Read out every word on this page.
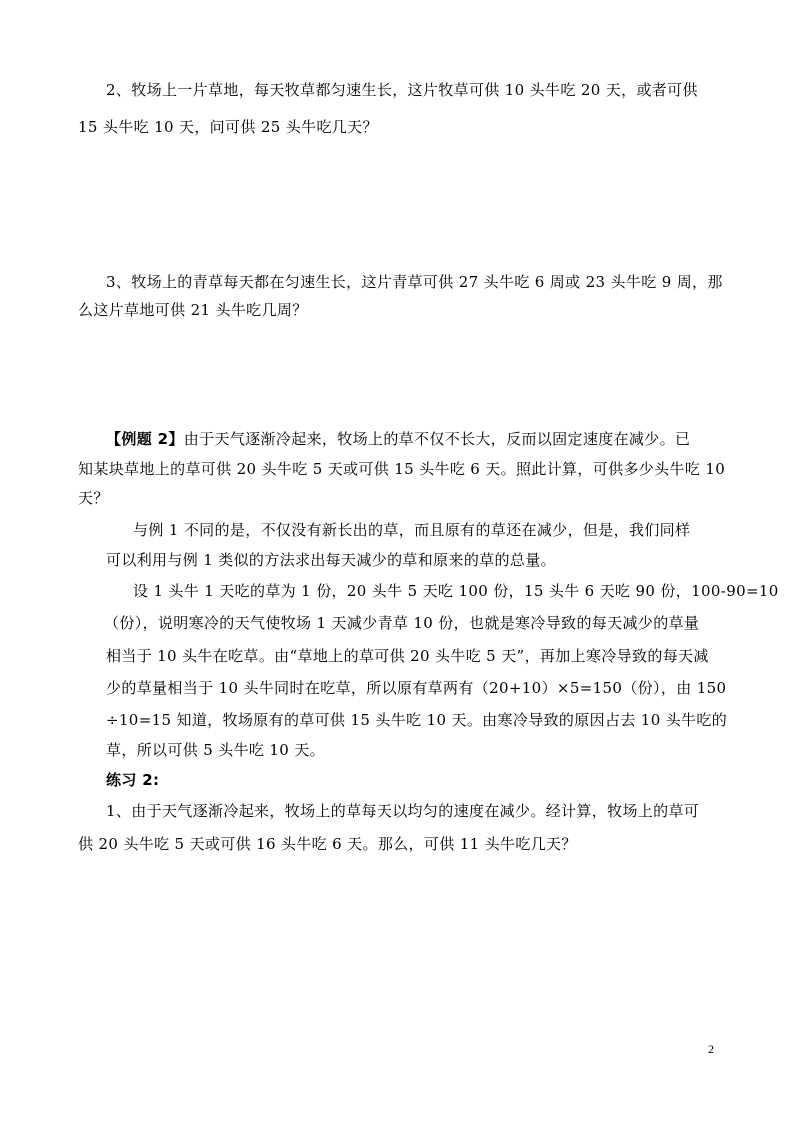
2、牧场上一片草地，每天牧草都匀速生长，这片牧草可供 10 头牛吃 20 天，或者可供
15 头牛吃 10 天，问可供 25 头牛吃几天？
3、牧场上的青草每天都在匀速生长，这片青草可供 27 头牛吃 6 周或 23 头牛吃 9 周，那
么这片草地可供 21 头牛吃几周？
【例题 2】由于天气逐渐冷起来，牧场上的草不仅不长大，反而以固定速度在减少。已
知某块草地上的草可供 20 头牛吃 5 天或可供 15 头牛吃 6 天。照此计算，可供多少头牛吃 10
天？
与例 1 不同的是，不仅没有新长出的草，而且原有的草还在减少，但是，我们同样
可以利用与例 1 类似的方法求出每天减少的草和原来的草的总量。
设 1 头牛 1 天吃的草为 1 份，20 头牛 5 天吃 100 份，15 头牛 6 天吃 90 份，100-90=10
（份），说明寒冷的天气使牧场 1 天减少青草 10 份，也就是寒冷导致的每天减少的草量
相当于 10 头牛在吃草。由“草地上的草可供 20 头牛吃 5 天”，再加上寒冷导致的每天减
少的草量相当于 10 头牛同时在吃草，所以原有草两有（20+10）×5=150（份），由 150
÷10=15 知道，牧场原有的草可供 15 头牛吃 10 天。由寒冷导致的原因占去 10 头牛吃的
草，所以可供 5 头牛吃 10 天。
练习 2:
1、由于天气逐渐冷起来，牧场上的草每天以均匀的速度在减少。经计算，牧场上的草可
供 20 头牛吃 5 天或可供 16 头牛吃 6 天。那么，可供 11 头牛吃几天？
2
